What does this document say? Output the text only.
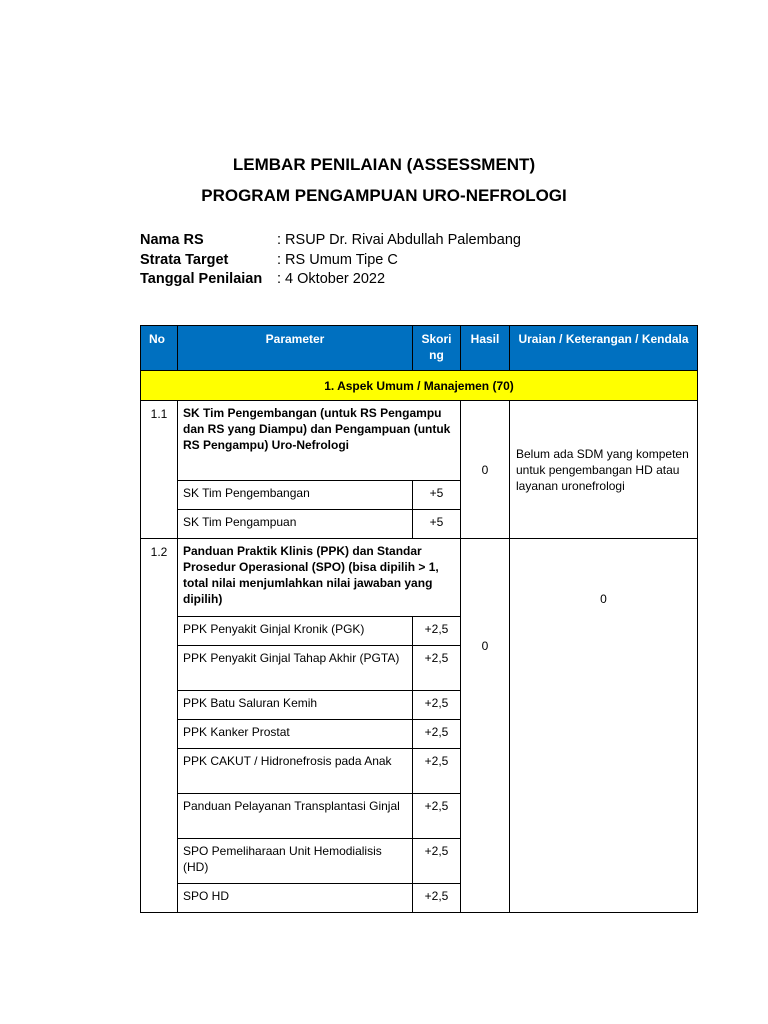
LEMBAR PENILAIAN (ASSESSMENT)
PROGRAM PENGAMPUAN URO-NEFROLOGI
Nama RS	: RSUP Dr. Rivai Abdullah Palembang
Strata Target	: RS Umum Tipe C
Tanggal Penilaian : 4 Oktober 2022
No	Parameter	Skori ng	Hasil	Uraian / Keterangan / Kendala
1. Aspek Umum / Manajemen (70)				
1.1	SK Tim Pengembangan (untuk RS Pengampu dan RS yang Diampu) dan Pengampuan (untuk RS Pengampu) Uro-Nefrologi		0	Belum ada SDM yang kompeten untuk pengembangan HD atau layanan uronefrologi
	SK Tim Pengembangan	+5		
	SK Tim Pengampuan	+5		
1.2	Panduan Praktik Klinis (PPK) dan Standar Prosedur Operasional (SPO) (bisa dipilih > 1, total nilai menjumlahkan nilai jawaban yang dipilih)		0	0
	PPK Penyakit Ginjal Kronik (PGK)	+2,5		
	PPK Penyakit Ginjal Tahap Akhir (PGTA)	+2,5		
	PPK Batu Saluran Kemih	+2,5		
	PPK Kanker Prostat	+2,5		
	PPK CAKUT / Hidronefrosis pada Anak	+2,5		
	Panduan Pelayanan Transplantasi Ginjal	+2,5		
	SPO Pemeliharaan Unit Hemodialisis (HD)	+2,5		
	SPO HD	+2,5		
